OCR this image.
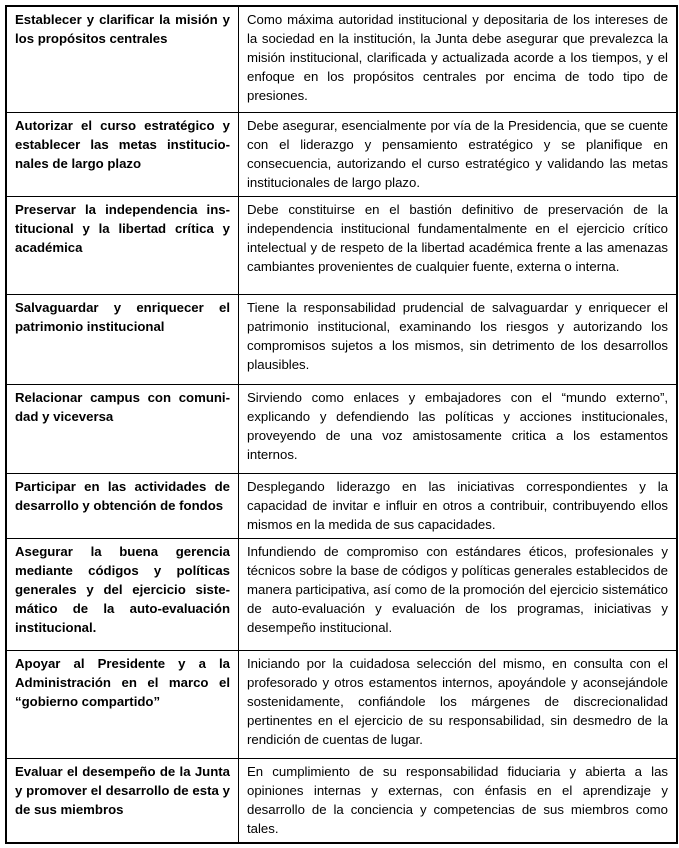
Establecer y clarificar la misión y los propósitos centrales	Como máxima autoridad institucional y depositaria de los intereses de la sociedad en la institución, la Junta debe asegurar que prevalezca la misión institucional, clarificada y actualizada acorde a los tiempos, y el enfoque en los propósitos centrales por encima de todo tipo de presiones.
Autorizar el curso estratégico y establecer las metas institucio-nales de largo plazo	Debe asegurar, esencialmente por vía de la Presidencia, que se cuente con el liderazgo y pensamiento estratégico y se planifique en consecuencia, autorizando el curso estratégico y validando las metas institucionales de largo plazo.
Preservar la independencia ins-titucional y la libertad crítica y académica	Debe constituirse en el bastión definitivo de preservación de la independencia institucional fundamentalmente en el ejercicio crítico intelectual y de respeto de la libertad académica frente a las amenazas cambiantes provenientes de cualquier fuente, externa o interna.
Salvaguardar y enriquecer el patrimonio institucional	Tiene la responsabilidad prudencial de salvaguardar y enriquecer el patrimonio institucional, examinando los riesgos y autorizando los compromisos sujetos a los mismos, sin detrimento de los desarrollos plausibles.
Relacionar campus con comuni-dad y viceversa	Sirviendo como enlaces y embajadores con el “mundo externo”, explicando y defendiendo las políticas y acciones institucionales, proveyendo de una voz amistosamente critica a los estamentos internos.
Participar en las actividades de desarrollo y obtención de fondos	Desplegando liderazgo en las iniciativas correspondientes y la capacidad de invitar e influir en otros a contribuir, contribuyendo ellos mismos en la medida de sus capacidades.
Asegurar la buena gerencia mediante códigos y políticas generales y del ejercicio siste-mático de la auto-evaluación institucional.	Infundiendo de compromiso con estándares éticos, profesionales y técnicos sobre la base de códigos y políticas generales establecidos de manera participativa, así como de la promoción del ejercicio sistemático de auto-evaluación y evaluación de los programas, iniciativas y desempeño institucional.
Apoyar al Presidente y a la Administración en el marco el “gobierno compartido”	Iniciando por la cuidadosa selección del mismo, en consulta con el profesorado y otros estamentos internos, apoyándole y aconsejándole sostenidamente, confiándole los márgenes de discrecionalidad pertinentes en el ejercicio de su responsabilidad, sin desmedro de la rendición de cuentas de lugar.
Evaluar el desempeño de la Junta y promover el desarrollo de esta y de sus miembros	En cumplimiento de su responsabilidad fiduciaria y abierta a las opiniones internas y externas, con énfasis en el aprendizaje y desarrollo de la conciencia y competencias de sus miembros como tales.
